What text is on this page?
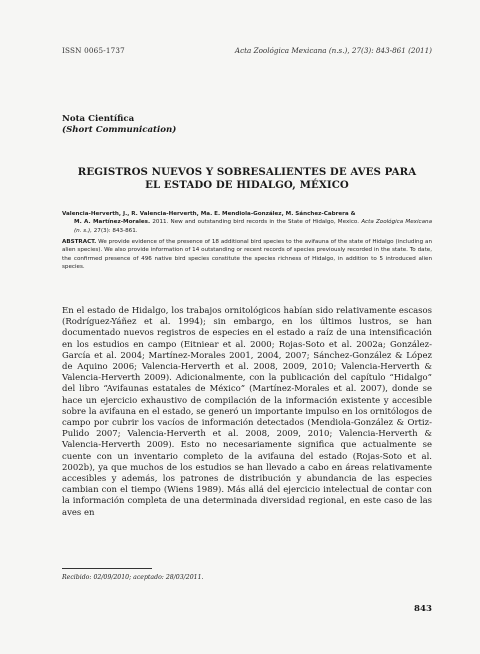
ISSN 0065-1737	Acta Zoológica Mexicana (n.s.), 27(3): 843-861 (2011)
Nota Científica
(Short Communication)
REGISTROS NUEVOS Y SOBRESALIENTES DE AVES PARA
EL ESTADO DE HIDALGO, MÉXICO
Valencia-Herverth, J., R. Valencia-Herverth, Ma. E. Mendiola-González, M. Sánchez-Cabrera &
M. A. Martínez-Morales. 2011. New and outstanding bird records in the State of Hidalgo, Mexico. Acta Zoológica Mexicana (n. s.), 27(3): 843-861.
ABSTRACT. We provide evidence of the presence of 18 additional bird species to the avifauna of the state of Hidalgo (including an alien species). We also provide information of 14 outstanding or recent records of species previously recorded in the state. To date, the confirmed presence of 496 native bird species constitute the species richness of Hidalgo, in addition to 5 introduced alien species.

En el estado de Hidalgo, los trabajos ornitológicos habían sido relativamente escasos (Rodríguez-Yáñez et al. 1994); sin embargo, en los últimos lustros, se han documentado nuevos registros de especies en el estado a raíz de una intensificación en los estudios en campo (Eitniear et al. 2000; Rojas-Soto et al. 2002a; González-García et al. 2004; Martínez-Morales 2001, 2004, 2007; Sánchez-González & López de Aquino 2006; Valencia-Herverth et al. 2008, 2009, 2010; Valencia-Herverth & Valencia-Herverth 2009). Adicionalmente, con la publicación del capítulo “Hidalgo” del libro “Avifaunas estatales de México” (Martínez-Morales et al. 2007), donde se hace un ejercicio exhaustivo de compilación de la información existente y accesible sobre la avifauna en el estado, se generó un importante impulso en los ornitólogos de campo por cubrir los vacíos de información detectados (Mendiola-González & Ortiz-Pulido 2007; Valencia-Herverth et al. 2008, 2009, 2010; Valencia-Herverth & Valencia-Herverth 2009). Esto no necesariamente significa que actualmente se cuente con un inventario completo de la avifauna del estado (Rojas-Soto et al. 2002b), ya que muchos de los estudios se han llevado a cabo en áreas relativamente accesibles y además, los patrones de distribución y abundancia de las especies cambian con el tiempo (Wiens 1989). Más allá del ejercicio intelectual de contar con la información completa de una determinada diversidad regional, en este caso de las aves en

Recibido: 02/09/2010; aceptado: 28/03/2011.
843
